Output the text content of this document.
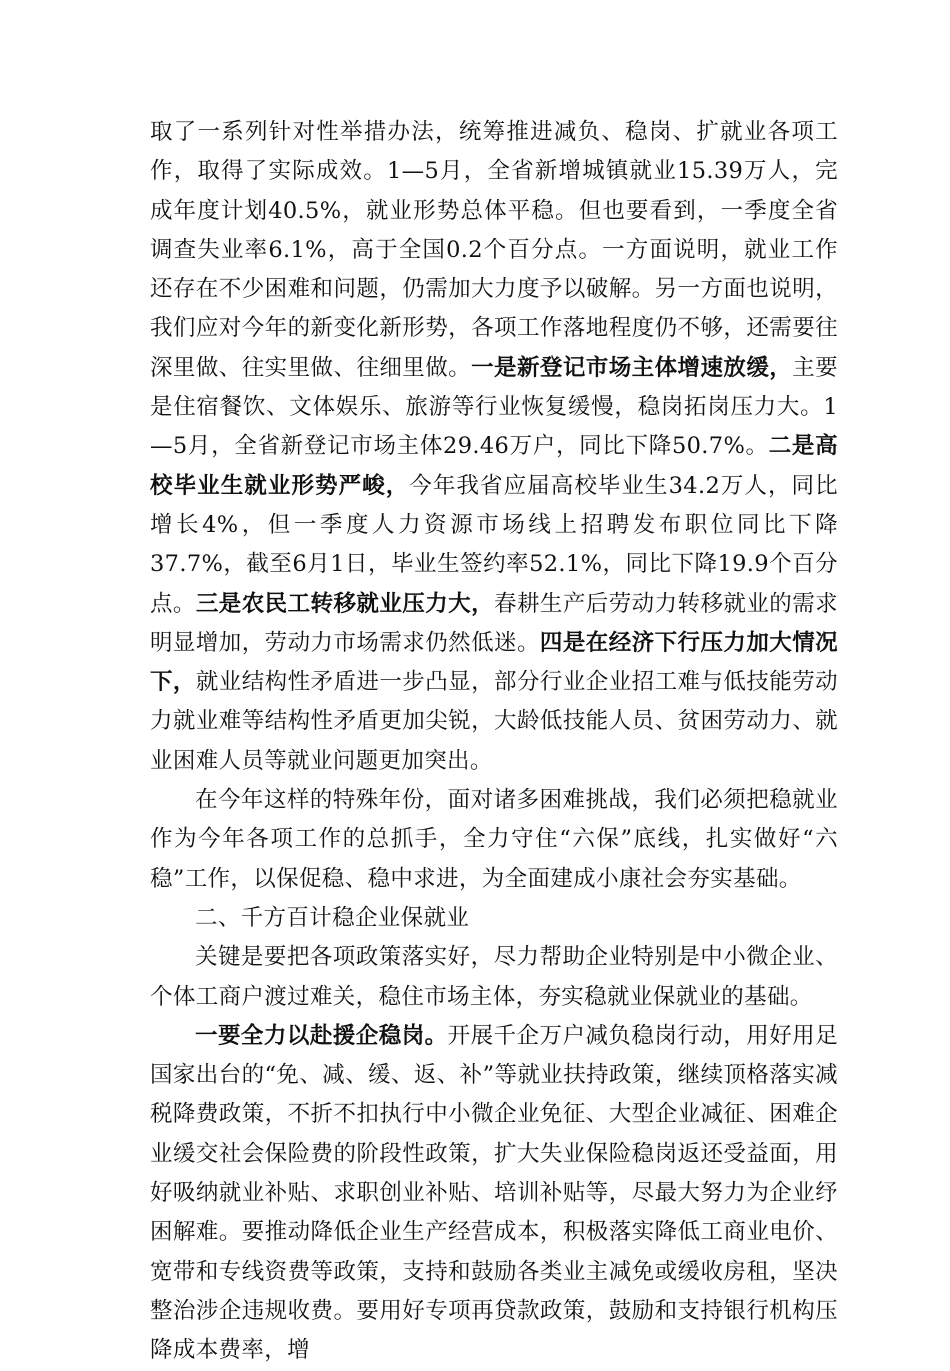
取了一系列针对性举措办法，统筹推进减负、稳岗、扩就业各项工作，取得了实际成效。1—5月，全省新增城镇就业15.39万人，完成年度计划40.5%，就业形势总体平稳。但也要看到，一季度全省调查失业率6.1%，高于全国0.2个百分点。一方面说明，就业工作还存在不少困难和问题，仍需加大力度予以破解。另一方面也说明，我们应对今年的新变化新形势，各项工作落地程度仍不够，还需要往深里做、往实里做、往细里做。一是新登记市场主体增速放缓，主要是住宿餐饮、文体娱乐、旅游等行业恢复缓慢，稳岗拓岗压力大。1—5月，全省新登记市场主体29.46万户，同比下降50.7%。二是高校毕业生就业形势严峻，今年我省应届高校毕业生34.2万人，同比增长4%，但一季度人力资源市场线上招聘发布职位同比下降37.7%，截至6月1日，毕业生签约率52.1%，同比下降19.9个百分点。三是农民工转移就业压力大，春耕生产后劳动力转移就业的需求明显增加，劳动力市场需求仍然低迷。四是在经济下行压力加大情况下，就业结构性矛盾进一步凸显，部分行业企业招工难与低技能劳动力就业难等结构性矛盾更加尖锐，大龄低技能人员、贫困劳动力、就业困难人员等就业问题更加突出。

在今年这样的特殊年份，面对诸多困难挑战，我们必须把稳就业作为今年各项工作的总抓手，全力守住“六保”底线，扎实做好“六稳”工作，以保促稳、稳中求进，为全面建成小康社会夯实基础。

二、千方百计稳企业保就业

关键是要把各项政策落实好，尽力帮助企业特别是中小微企业、个体工商户渡过难关，稳住市场主体，夯实稳就业保就业的基础。

一要全力以赴援企稳岗。开展千企万户减负稳岗行动，用好用足国家出台的“免、减、缓、返、补”等就业扶持政策，继续顶格落实减税降费政策，不折不扣执行中小微企业免征、大型企业减征、困难企业缓交社会保险费的阶段性政策，扩大失业保险稳岗返还受益面，用好吸纳就业补贴、求职创业补贴、培训补贴等，尽最大努力为企业纾困解难。要推动降低企业生产经营成本，积极落实降低工商业电价、宽带和专线资费等政策，支持和鼓励各类业主减免或缓收房租，坚决整治涉企违规收费。要用好专项再贷款政策，鼓励和支持银行机构压降成本费率，增
